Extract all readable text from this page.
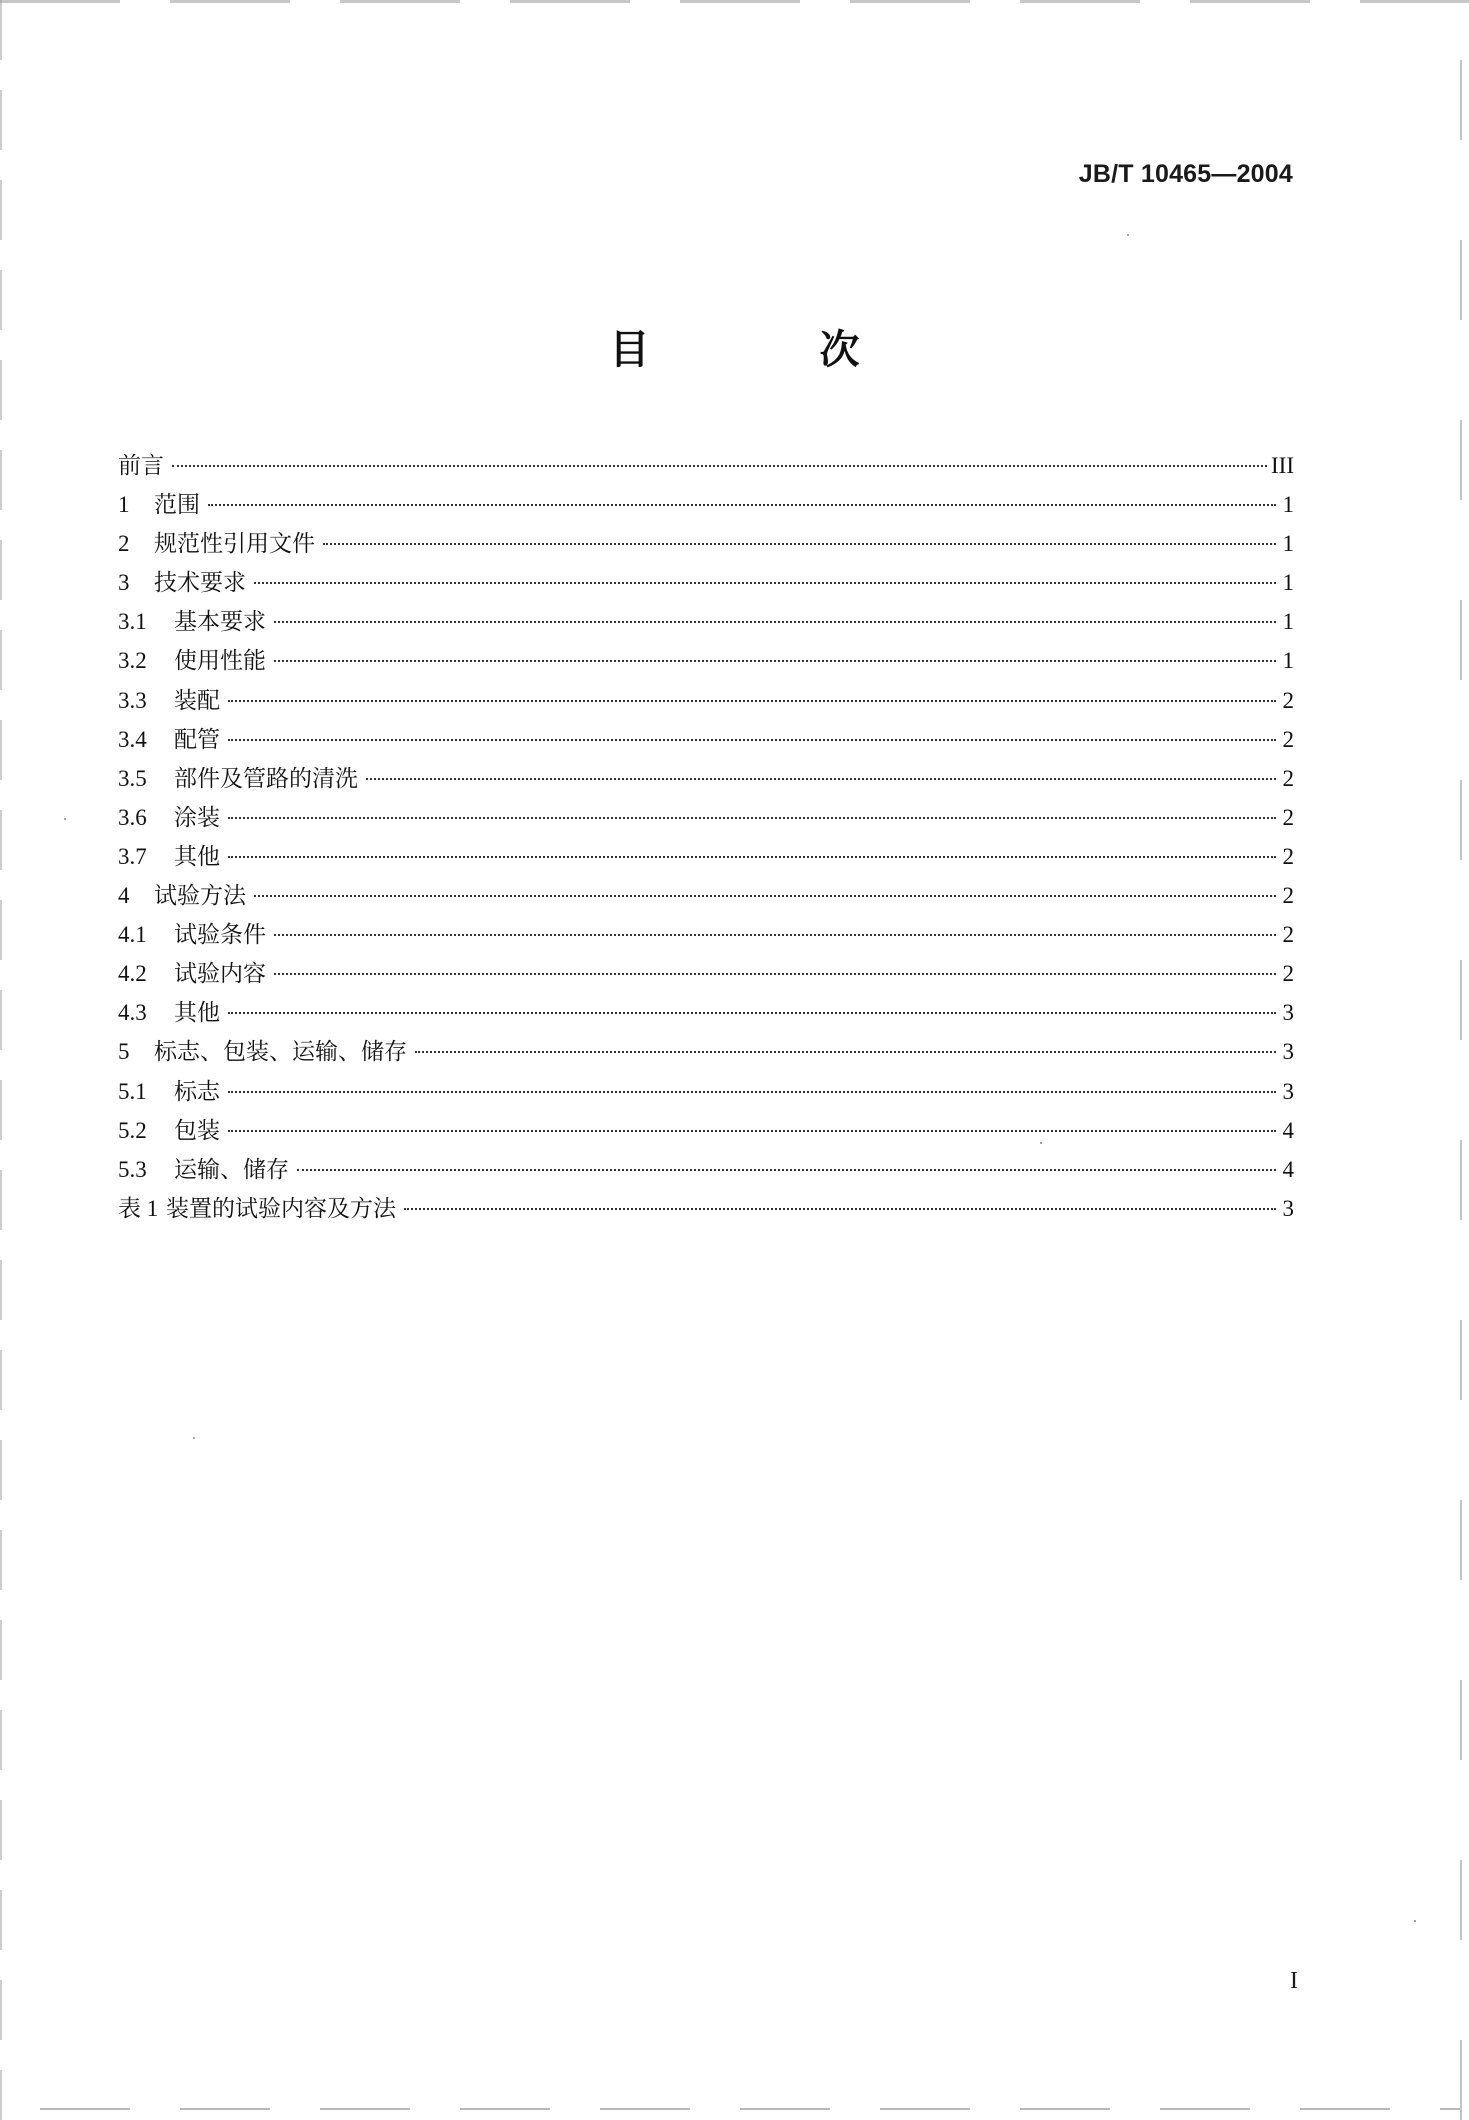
JB/T 10465—2004
目 次
前言	III
1	范围	1
2	规范性引用文件	1
3	技术要求	1
3.1	基本要求	1
3.2	使用性能	1
3.3	装配	2
3.4	配管	2
3.5	部件及管路的清洗	2
3.6	涂装	2
3.7	其他	2
4	试验方法	2
4.1	试验条件	2
4.2	试验内容	2
4.3	其他	3
5	标志、包装、运输、储存	3
5.1	标志	3
5.2	包装	4
5.3	运输、储存	4
表 1 装置的试验内容及方法	3
I
